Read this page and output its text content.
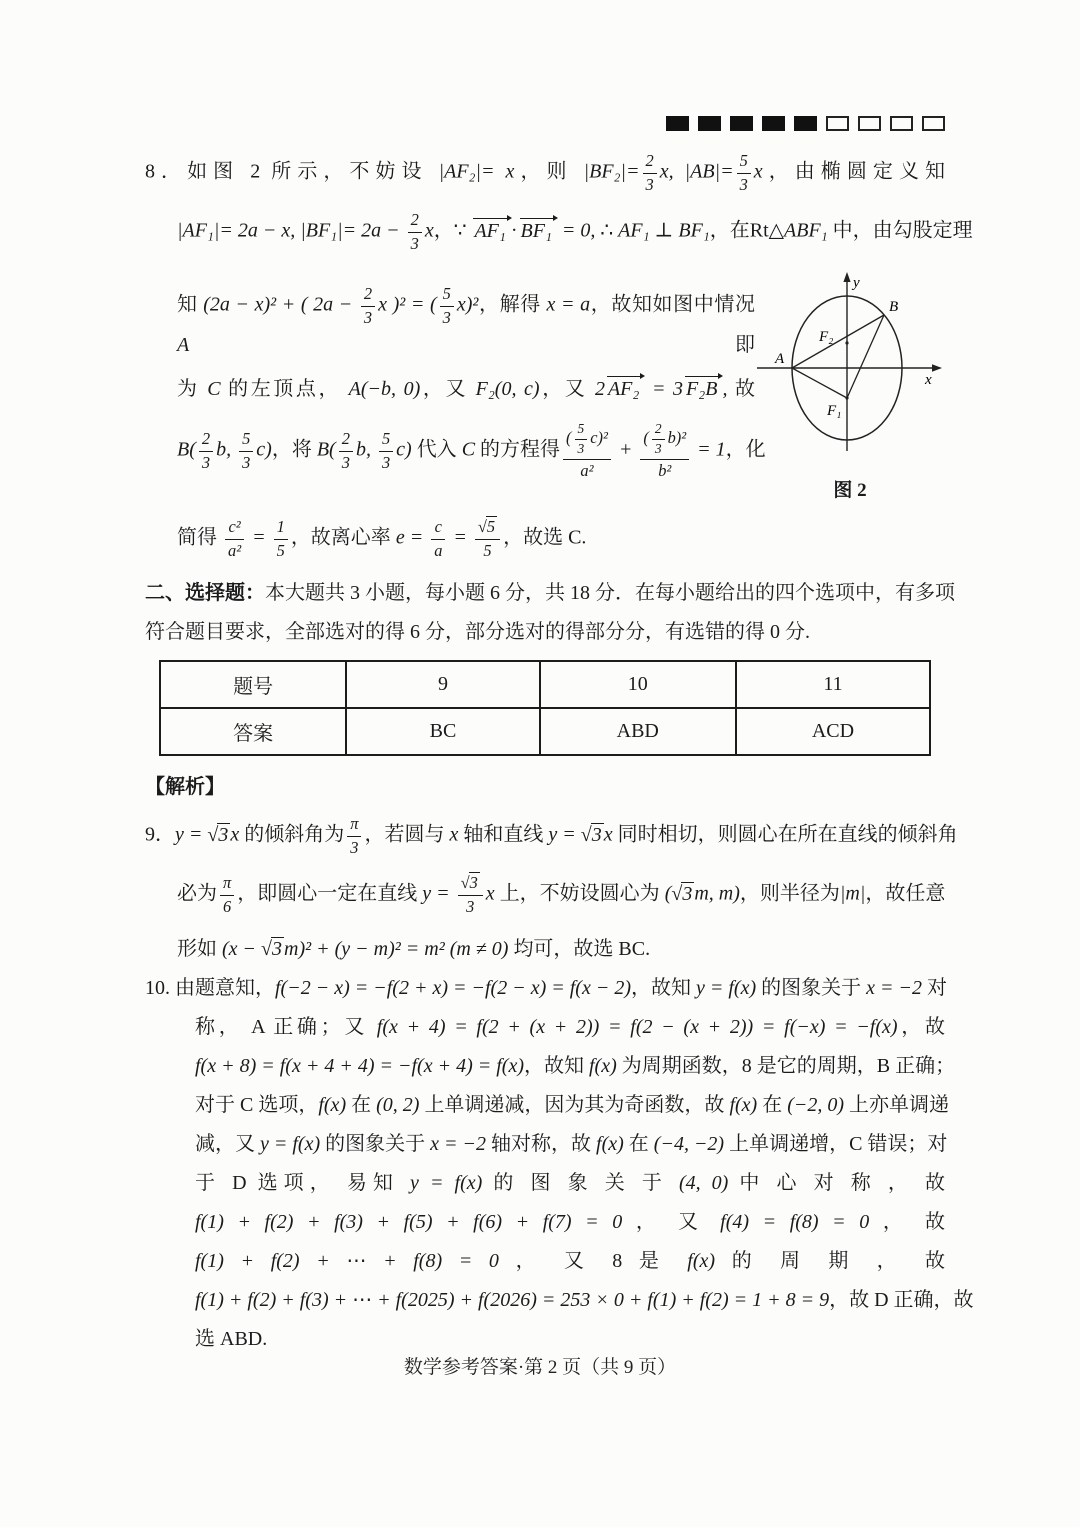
8．如图 2 所示，不妨设 |AF₂|= x，则 $|BF_2|= \frac{2}{3} x$, $|AB|= \frac{5}{3}$ x，由椭圆定义知
|AF₁|= 2a − x, $|BF_1|= 2a - \frac{2}{3}$ x，∵ AF₁ · BF₁ = 0, ∴ AF₁ ⊥ BF₁，在Rt△ABF₁ 中，由勾股定理
知 (2a − x)² + ( $2a - \frac{2}{3}$ x )² = ( $\frac{5}{3} x)^2$，解得 x = a，故知如图中情况 A 即
为 C 的左顶点， A(−b, 0)，又 F₂(0, c)，又 2 AF₂ = 3 F₂B , 故
$B( \frac{2}{3} b$, $\frac{5}{3} c$)，将 $B( \frac{2}{3} b$, $\frac{5}{3} c$) 代入 C 的方程得 $\frac{( \frac{5}{3} c)^2}{\text{a²}} + \frac{( \frac{2}{3} b)^2}{\text{b²}} = 1$，化
y
x
A
B
F₂
F₁
图 2
简得 $\frac{\text{c²}}{\text{a²}} = \frac{1}{5}$ ，故离心率 $e = \frac{c}{a} = \frac{√5}{5}$ ，故选 C.
二、选择题：本大题共 3 小题，每小题 6 分，共 18 分．在每小题给出的四个选项中，有多项
符合题目要求，全部选对的得 6 分，部分选对的得部分分，有选错的得 0 分.
题号	9	10	11
答案	BC	ABD	ACD
【解析】
9．y = √3 x 的倾斜角为 $\frac{\pi}{3}$ ，若圆与 x 轴和直线 y = √3 x 同时相切，则圆心在所在直线的倾斜角
必为 $\frac{\pi}{6}$ ，即圆心一定在直线 $y = \frac{√3}{3}$ x 上，不妨设圆心为 (√3 m, m)，则半径为|m|，故任意
形如 (x − √3 m)² + (y − m)² = m² (m ≠ 0) 均可，故选 BC.
10. 由题意知，f(−2 − x) = −f(2 + x) = −f(2 − x) = f(x − 2)，故知 y = f(x) 的图象关于 x = −2 对
称， A 正确；又 f(x + 4) = f(2 + (x + 2)) = f(2 − (x + 2)) = f(−x) = −f(x)，故
f(x + 8) = f(x + 4 + 4) = −f(x + 4) = f(x)，故知 f(x) 为周期函数，8 是它的周期，B 正确；
对于 C 选项，f(x) 在 (0, 2) 上单调递减，因为其为奇函数，故 f(x) 在 (−2, 0) 上亦单调递
减，又 y = f(x) 的图象关于 x = −2 轴对称，故 f(x) 在 (−4, −2) 上单调递增，C 错误；对
于 D 选项， 易知 y = f(x) 的 图 象 关 于 (4, 0) 中 心 对 称 ， 故
f(1) + f(2) + f(3) + f(5) + f(6) + f(7) = 0 ， 又 f(4) = f(8) = 0 ， 故
f(1) + f(2) + ⋯ + f(8) = 0 ， 又 8 是 f(x) 的 周 期 ， 故
f(1) + f(2) + f(3) + ⋯ + f(2025) + f(2026) = 253 × 0 + f(1) + f(2) = 1 + 8 = 9，故 D 正确，故
选 ABD.
数学参考答案·第 2 页（共 9 页）
